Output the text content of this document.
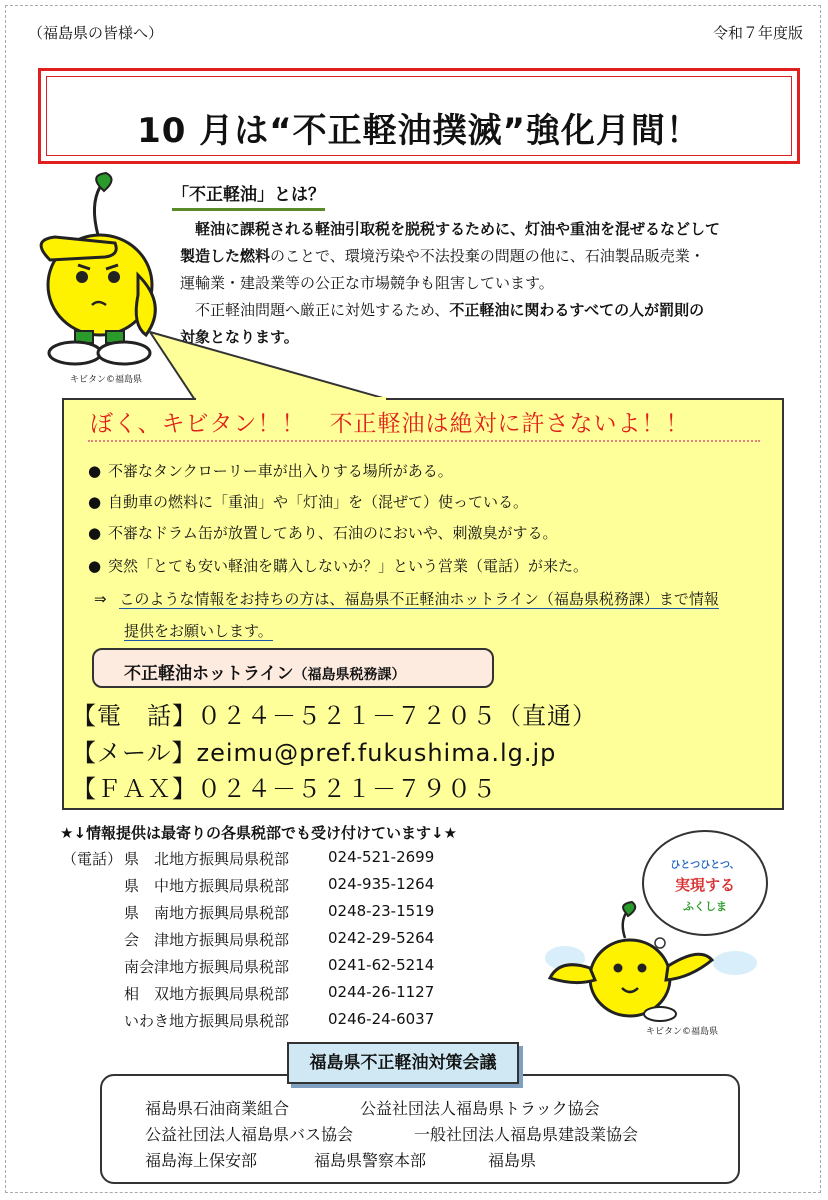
（福島県の皆様へ）	令和７年度版
10 月は“不正軽油撲滅”強化月間！
キビタン©福島県
「不正軽油」とは？
軽油に課税される軽油引取税を脱税するために、灯油や重油を混ぜるなどして
製造した燃料のことで、環境汚染や不法投棄の問題の他に、石油製品販売業・
運輸業・建設業等の公正な市場競争も阻害しています。
不正軽油問題へ厳正に対処するため、不正軽油に関わるすべての人が罰則の
対象となります。
ぼく、キビタン！！　不正軽油は絶対に許さないよ！！
● 不審なタンクローリー車が出入りする場所がある。
● 自動車の燃料に「重油」や「灯油」を（混ぜて）使っている。
● 不審なドラム缶が放置してあり、石油のにおいや、刺激臭がする。
● 突然「とても安い軽油を購入しないか？」という営業（電話）が来た。
⇒ このような情報をお持ちの方は、福島県不正軽油ホットライン（福島県税務課）まで情報
提供をお願いします。
不正軽油ホットライン（福島県税務課）
【電　話】０２４－５２１－７２０５（直通）
【メール】zeimu@pref.fukushima.lg.jp
【ＦＡＸ】０２４－５２１－７９０５
★↓情報提供は最寄りの各県税部でも受け付けています↓★
（電話） 県　北地方振興局県税部	024-521-2699
県　中地方振興局県税部	024-935-1264
県　南地方振興局県税部	0248-23-1519
会　津地方振興局県税部	0242-29-5264
南会津地方振興局県税部	0241-62-5214
相　双地方振興局県税部	0244-26-1127
いわき地方振興局県税部	0246-24-6037
ひとつひとつ、
実現する
ふくしま
キビタン©福島県
福島県不正軽油対策会議
福島県石油商業組合	公益社団法人福島県トラック協会
公益社団法人福島県バス協会	一般社団法人福島県建設業協会
福島海上保安部	福島県警察本部	福島県
